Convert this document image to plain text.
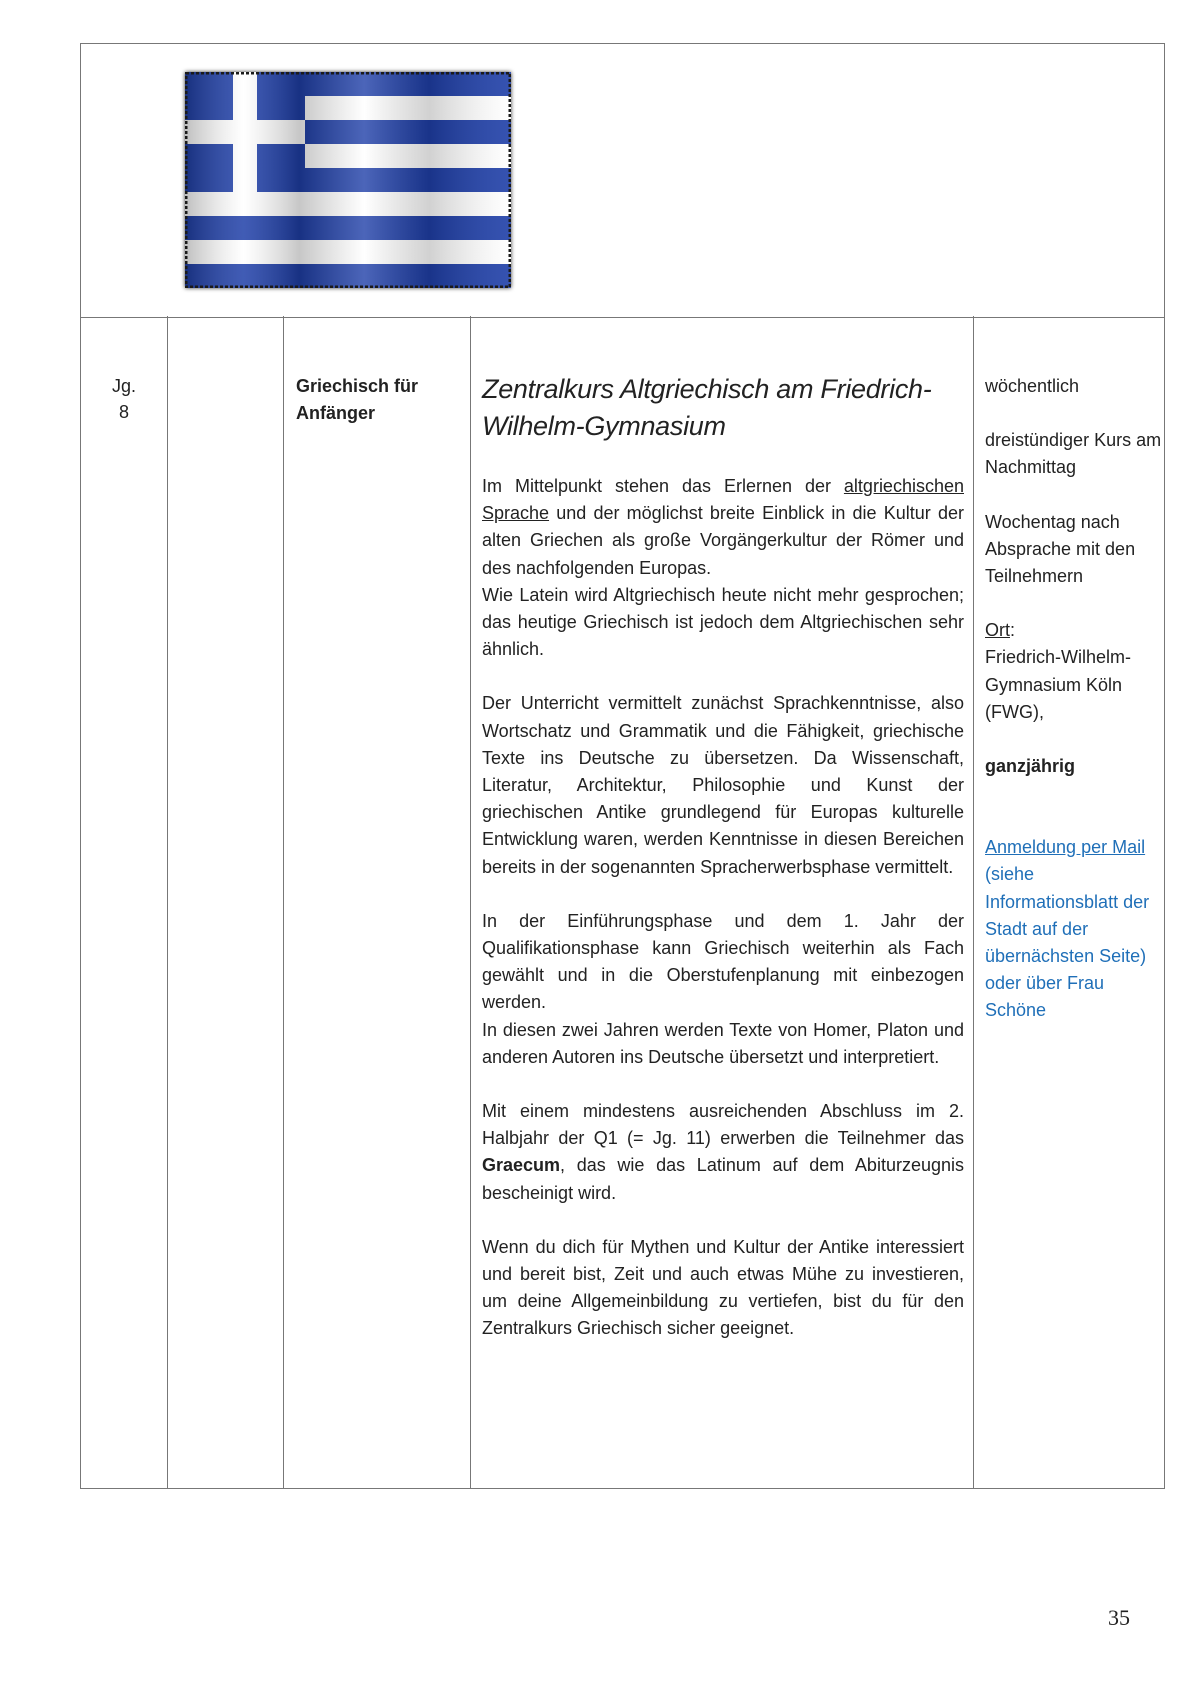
Jg.
8
Griechisch für Anfänger
Zentralkurs Altgriechisch am Friedrich-Wilhelm-Gymnasium

Im Mittelpunkt stehen das Erlernen der altgriechischen Sprache und der möglichst breite Einblick in die Kultur der alten Griechen als große Vorgängerkultur der Römer und des nachfolgenden Europas.

Wie Latein wird Altgriechisch heute nicht mehr gesprochen; das heutige Griechisch ist jedoch dem Altgriechischen sehr ähnlich.

Der Unterricht vermittelt zunächst Sprachkenntnisse, also Wortschatz und Grammatik und die Fähigkeit, griechische Texte ins Deutsche zu übersetzen. Da Wissenschaft, Literatur, Architektur, Philosophie und Kunst der griechischen Antike grundlegend für Europas kulturelle Entwicklung waren, werden Kenntnisse in diesen Bereichen bereits in der sogenannten Spracherwerbsphase vermittelt.

In der Einführungsphase und dem 1. Jahr der Qualifikationsphase kann Griechisch weiterhin als Fach gewählt und in die Oberstufenplanung mit einbezogen werden.

In diesen zwei Jahren werden Texte von Homer, Platon und anderen Autoren ins Deutsche übersetzt und interpretiert.

Mit einem mindestens ausreichenden Abschluss im 2. Halbjahr der Q1 (= Jg. 11) erwerben die Teilnehmer das Graecum, das wie das Latinum auf dem Abiturzeugnis bescheinigt wird.

Wenn du dich für Mythen und Kultur der Antike interessiert und bereit bist, Zeit und auch etwas Mühe zu investieren, um deine Allgemeinbildung zu vertiefen, bist du für den Zentralkurs Griechisch sicher geeignet.

wöchentlich

dreistündiger Kurs am Nachmittag

Wochentag nach Absprache mit den Teilnehmern

Ort:

Friedrich-Wilhelm-Gymnasium Köln (FWG),

ganzjährig

Anmeldung per Mail (siehe Informationsblatt der Stadt auf der übernächsten Seite) oder über Frau Schöne

35
